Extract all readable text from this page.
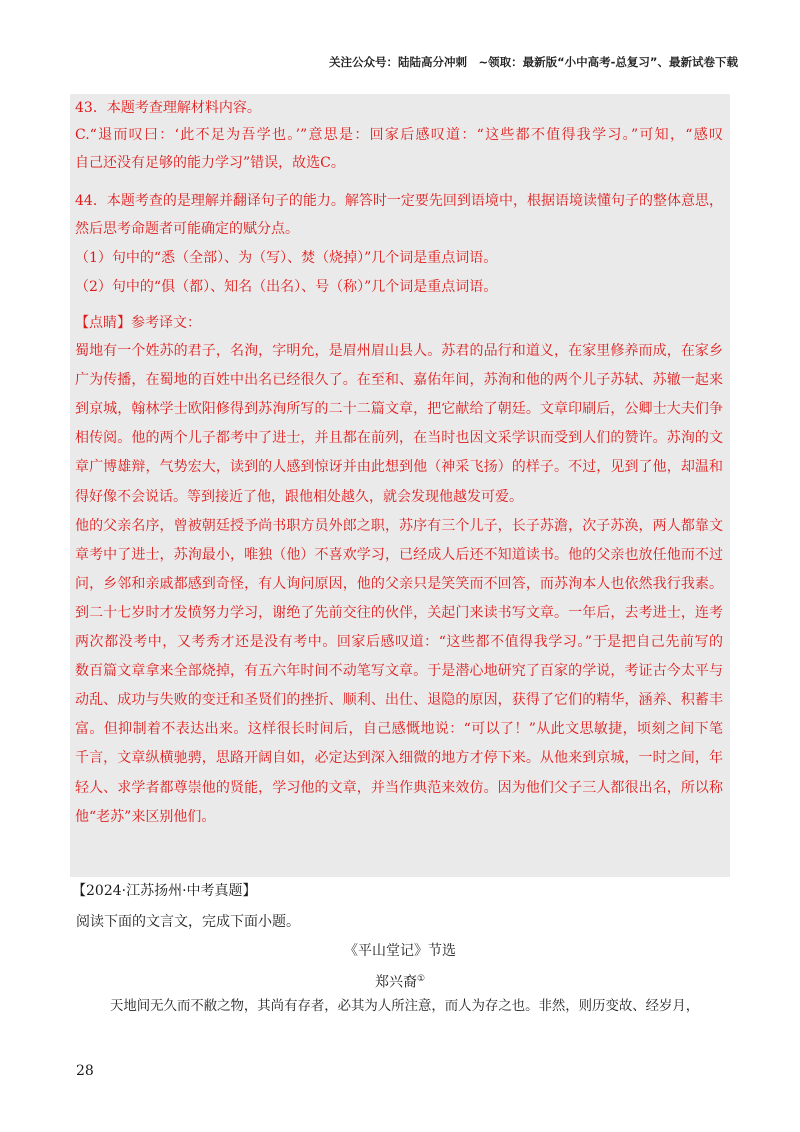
关注公众号：陆陆高分冲刺　~领取：最新版“小中高考-总复习”、最新试卷下载
43．本题考查理解材料内容。
C.“退而叹曰：‘此不足为吾学也。’”意思是：回家后感叹道：“这些都不值得我学习。”可知，“感叹
自己还没有足够的能力学习”错误，故选C。
44．本题考查的是理解并翻译句子的能力。解答时一定要先回到语境中，根据语境读懂句子的整体意思，
然后思考命题者可能确定的赋分点。
（1）句中的“悉（全部）、为（写）、焚（烧掉）”几个词是重点词语。
（2）句中的“俱（都）、知名（出名）、号（称）”几个词是重点词语。
【点睛】参考译文：
蜀地有一个姓苏的君子，名洵，字明允，是眉州眉山县人。苏君的品行和道义，在家里修养而成，在家乡
广为传播，在蜀地的百姓中出名已经很久了。在至和、嘉佑年间，苏洵和他的两个儿子苏轼、苏辙一起来
到京城，翰林学士欧阳修得到苏洵所写的二十二篇文章，把它献给了朝廷。文章印刷后，公卿士大夫们争
相传阅。他的两个儿子都考中了进士，并且都在前列，在当时也因文采学识而受到人们的赞许。苏洵的文
章广博雄辩，气势宏大，读到的人感到惊讶并由此想到他（神采飞扬）的样子。不过，见到了他，却温和
得好像不会说话。等到接近了他，跟他相处越久，就会发现他越发可爱。
他的父亲名序，曾被朝廷授予尚书职方员外郎之职，苏序有三个儿子，长子苏澹，次子苏涣，两人都靠文
章考中了进士，苏洵最小，唯独（他）不喜欢学习，已经成人后还不知道读书。他的父亲也放任他而不过
问，乡邻和亲戚都感到奇怪，有人询问原因，他的父亲只是笑笑而不回答，而苏洵本人也依然我行我素。
到二十七岁时才发愤努力学习，谢绝了先前交往的伙伴，关起门来读书写文章。一年后，去考进士，连考
两次都没考中，又考秀才还是没有考中。回家后感叹道：“这些都不值得我学习。”于是把自己先前写的
数百篇文章拿来全部烧掉，有五六年时间不动笔写文章。于是潜心地研究了百家的学说，考证古今太平与
动乱、成功与失败的变迁和圣贤们的挫折、顺利、出仕、退隐的原因，获得了它们的精华，涵养、积蓄丰
富。但抑制着不表达出来。这样很长时间后，自己感慨地说：“可以了！”从此文思敏捷，顷刻之间下笔
千言，文章纵横驰骋，思路开阔自如，必定达到深入细微的地方才停下来。从他来到京城，一时之间，年
轻人、求学者都尊崇他的贤能，学习他的文章，并当作典范来效仿。因为他们父子三人都很出名，所以称
他“老苏”来区别他们。
【2024·江苏扬州·中考真题】
阅读下面的文言文，完成下面小题。
《平山堂记》节选
郑兴裔①
天地间无久而不敝之物，其尚有存者，必其为人所注意，而人为存之也。非然，则历变故、经岁月，
28
